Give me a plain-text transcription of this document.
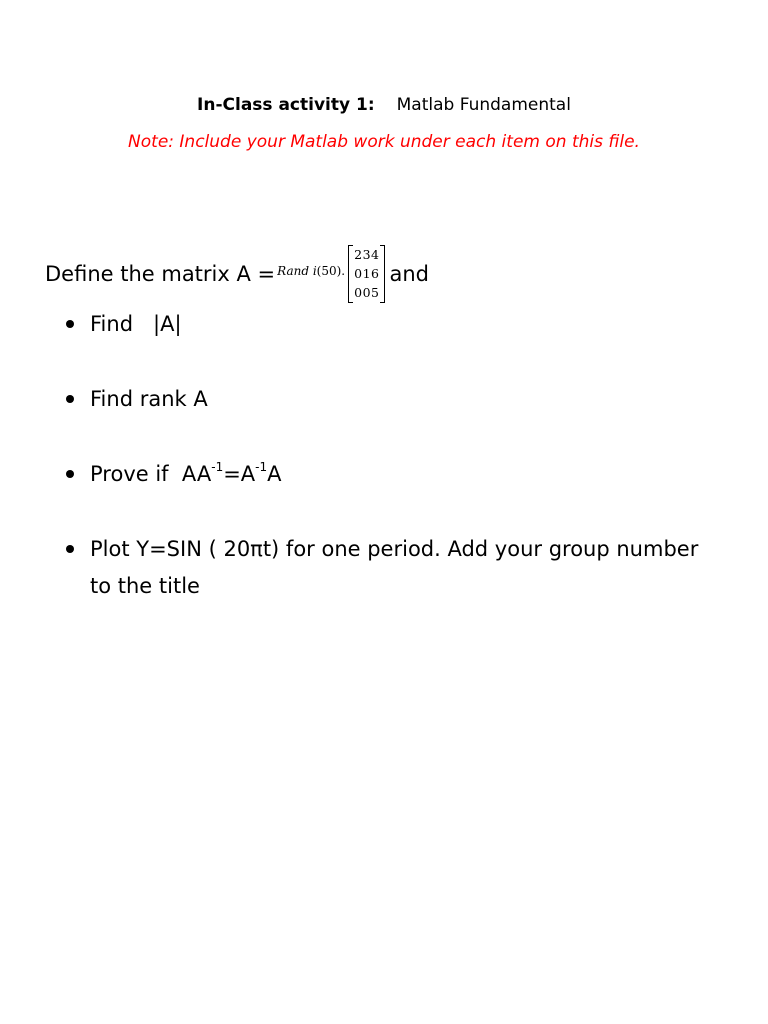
In-Class activity 1: Matlab Fundamental
Note: Include your Matlab work under each item on this file.
Define the matrix A = Rand i (50).
234
016
005
and
Find   |A|
Find rank A
Prove if  $AA^{-1}=A^{-1}A$
Plot Y=SIN ( 20πt) for one period. Add your group number to the title
